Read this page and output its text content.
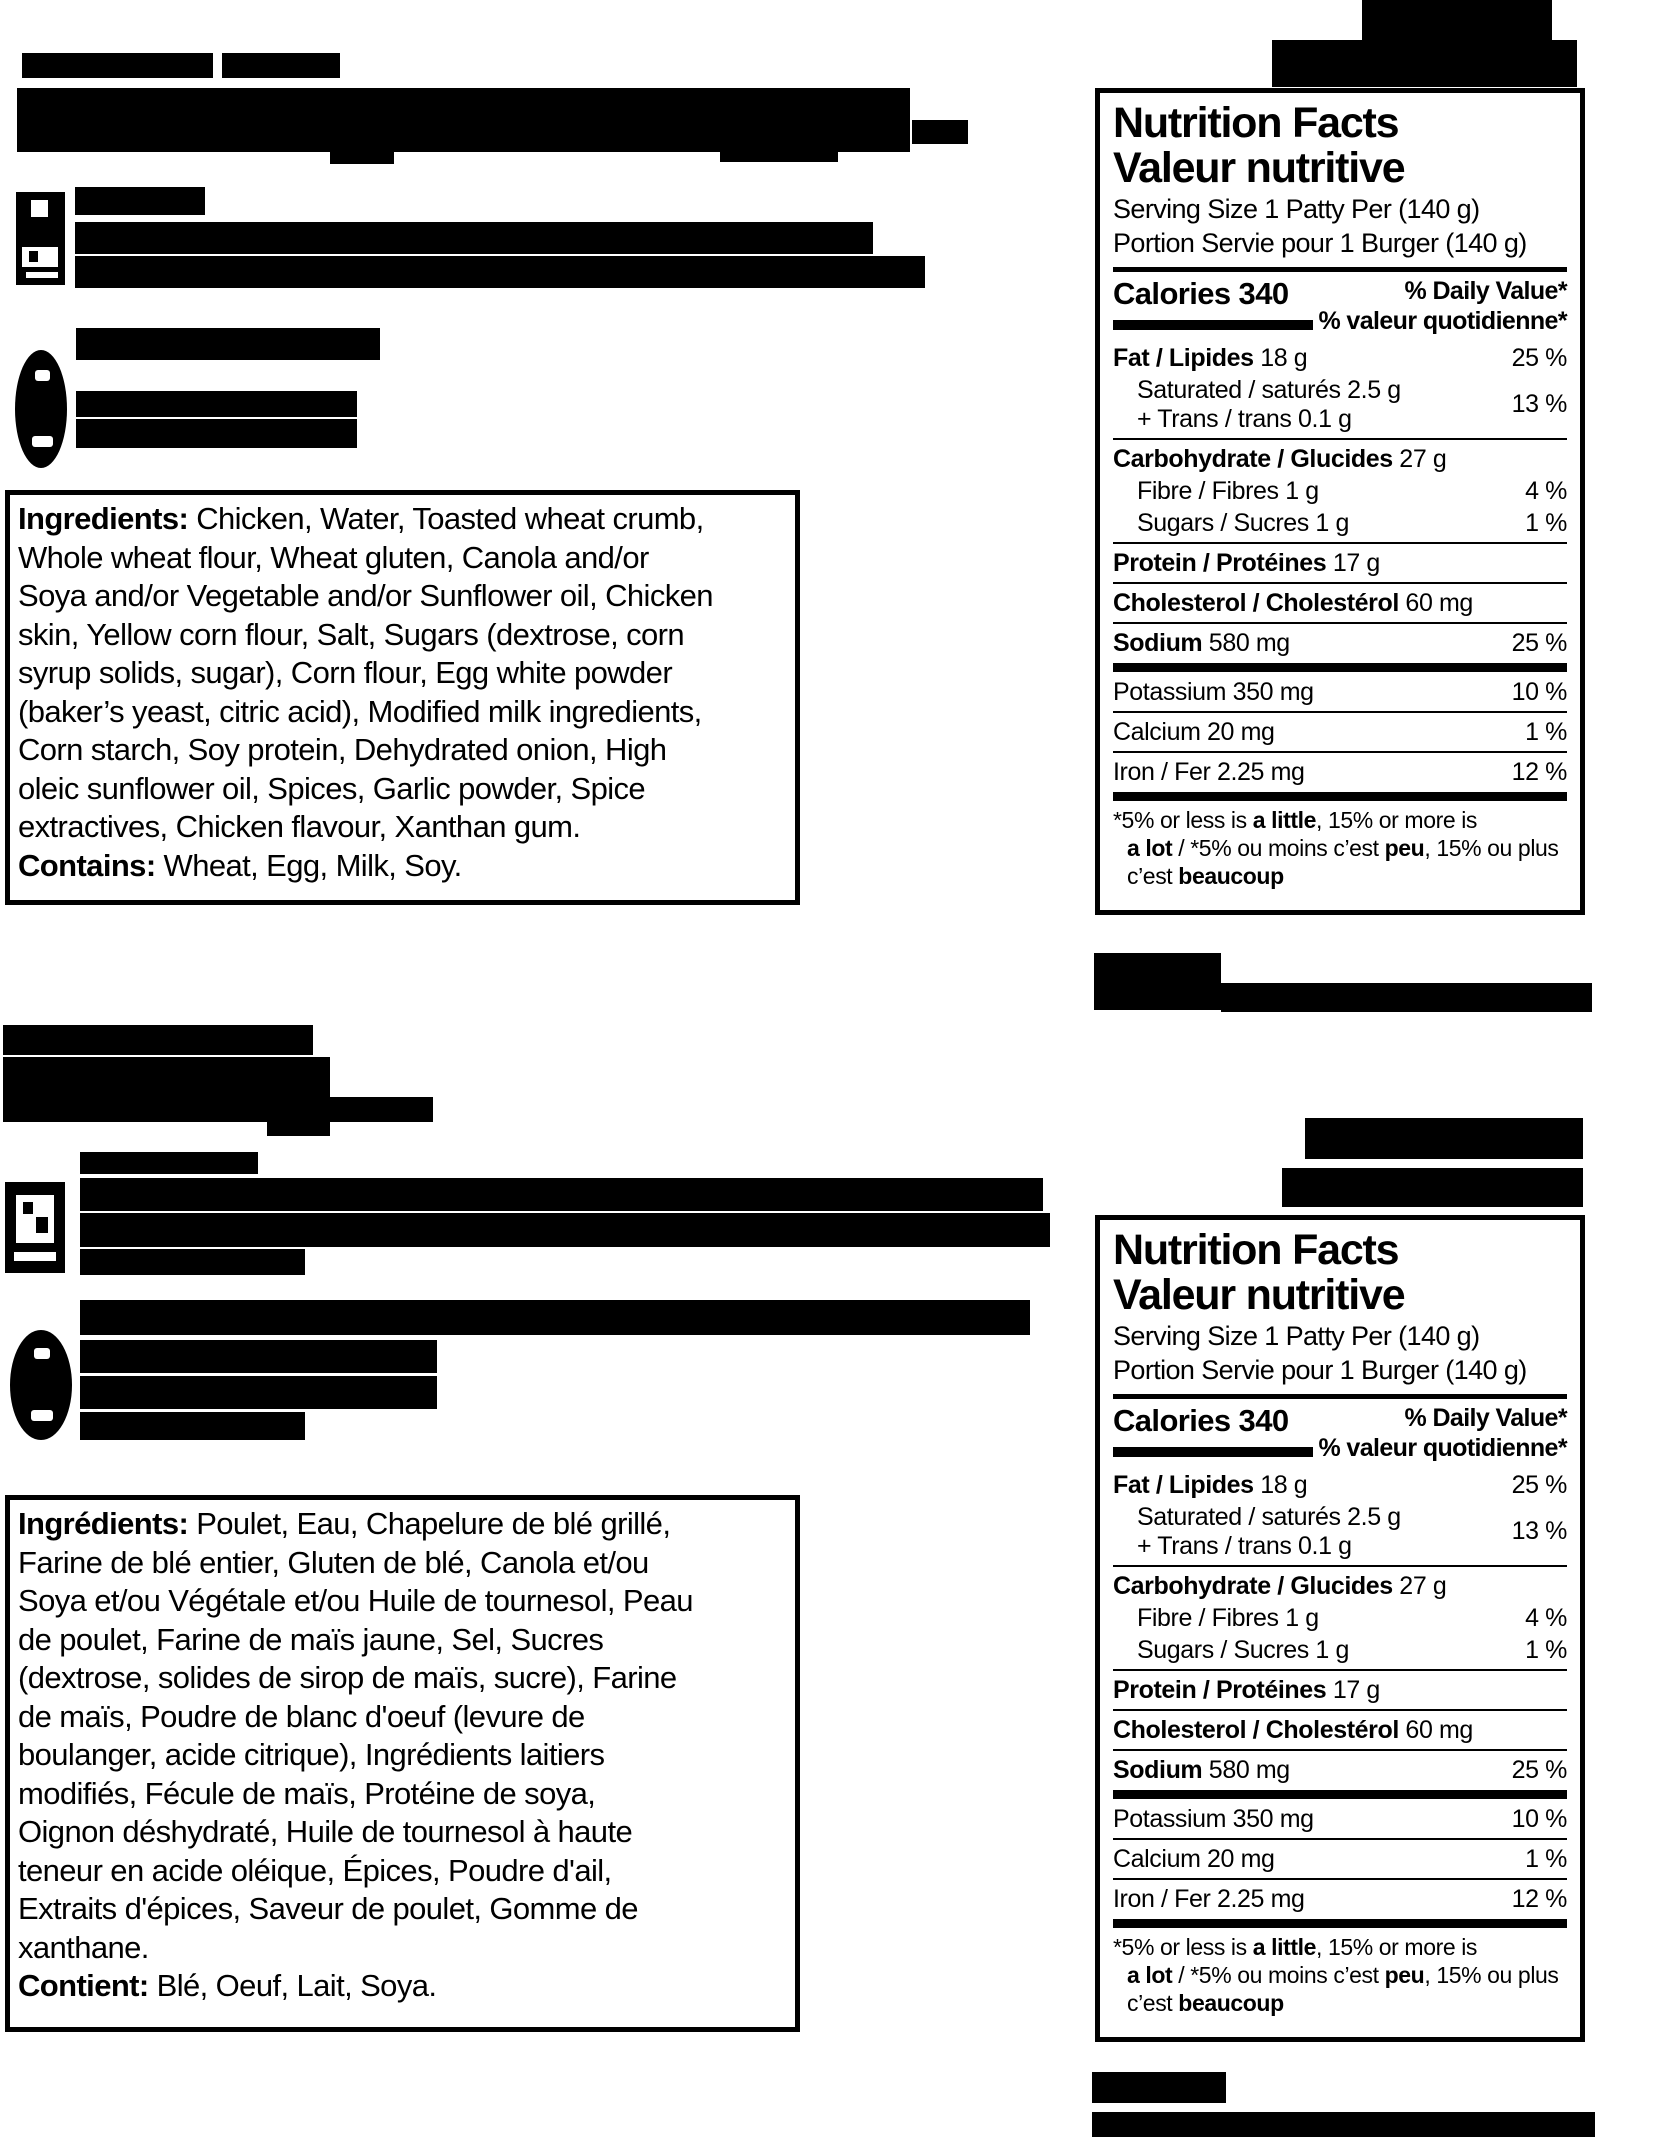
Ingredients: Chicken, Water, Toasted wheat crumb,
Whole wheat flour, Wheat gluten, Canola and/or
Soya and/or Vegetable and/or Sunflower oil, Chicken
skin, Yellow corn flour, Salt, Sugars (dextrose, corn
syrup solids, sugar), Corn flour, Egg white powder
(baker’s yeast, citric acid), Modified milk ingredients,
Corn starch, Soy protein, Dehydrated onion, High
oleic sunflower oil, Spices, Garlic powder, Spice
extractives, Chicken flavour, Xanthan gum.
Contains: Wheat, Egg, Milk, Soy.
Ingrédients: Poulet, Eau, Chapelure de blé grillé,
Farine de blé entier, Gluten de blé, Canola et/ou
Soya et/ou Végétale et/ou Huile de tournesol, Peau
de poulet, Farine de maïs jaune, Sel, Sucres
(dextrose, solides de sirop de maïs, sucre), Farine
de maïs, Poudre de blanc d'oeuf (levure de
boulanger, acide citrique), Ingrédients laitiers
modifiés, Fécule de maïs, Protéine de soya,
Oignon déshydraté, Huile de tournesol à haute
teneur en acide oléique, Épices, Poudre d'ail,
Extraits d'épices, Saveur de poulet, Gomme de
xanthane.
Contient: Blé, Oeuf, Lait, Soya.
Nutrition Facts
Valeur nutritive
Serving Size 1 Patty Per (140 g)
Portion Servie pour 1 Burger (140 g)
Calories 340	% Daily Value*
% valeur quotidienne*
Fat / Lipides 18 g	25 %
Saturated / saturés 2.5 g
+ Trans / trans 0.1 g
13 %
Carbohydrate / Glucides 27 g
Fibre / Fibres 1 g	4 %
Sugars / Sucres 1 g	1 %
Protein / Protéines 17 g
Cholesterol / Cholestérol 60 mg
Sodium 580 mg	25 %
Potassium 350 mg	10 %
Calcium 20 mg	1 %
Iron / Fer 2.25 mg	12 %
*5% or less is a little, 15% or more is
a lot / *5% ou moins c’est peu, 15% ou plus
c’est beaucoup
Nutrition Facts
Valeur nutritive
Serving Size 1 Patty Per (140 g)
Portion Servie pour 1 Burger (140 g)
Calories 340	% Daily Value*
% valeur quotidienne*
Fat / Lipides 18 g	25 %
Saturated / saturés 2.5 g
+ Trans / trans 0.1 g
13 %
Carbohydrate / Glucides 27 g
Fibre / Fibres 1 g	4 %
Sugars / Sucres 1 g	1 %
Protein / Protéines 17 g
Cholesterol / Cholestérol 60 mg
Sodium 580 mg	25 %
Potassium 350 mg	10 %
Calcium 20 mg	1 %
Iron / Fer 2.25 mg	12 %
*5% or less is a little, 15% or more is
a lot / *5% ou moins c’est peu, 15% ou plus
c’est beaucoup
